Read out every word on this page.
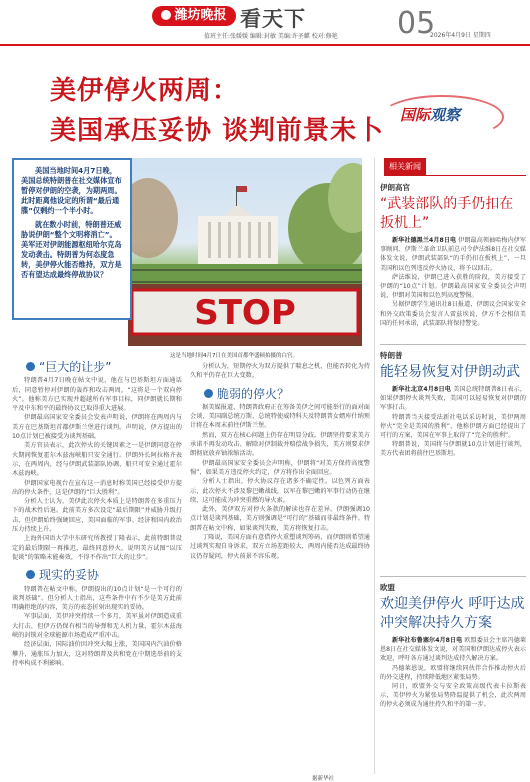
潍坊晚报 看天下	05
值班主任:张媛媛 编辑:封敏 美编:许圣麒 校对:修艳	2026年4月9日 星期四
美伊停火两周：
美国承压妥协 谈判前景未卜
国际观察
STOP
这是当地时间4月7日在美国首都华盛顿拍摄的白宫。

美国当地时间4月7日晚，美国总统特朗普在社交媒体宣布暂停对伊朗的空袭，为期两周。此时距离他设定的所谓“最后通牒”仅剩约一个半小时。

就在数小时前，特朗普还威胁说伊朗“整个文明将消亡”。美军还对伊朗能源枢纽哈尔克岛发动袭击。特朗普为何态度急转，美伊停火能否维持，双方是否有望达成最终停战协议？

“巨大的让步”

特朗普4月7日晚在帖文中说，他在与巴基斯坦方面通话后，同意暂停对伊朗的轰炸和攻击两周，“这将是一个双向停火”。他称美方已实现并超越所有军事目标，同伊朗就长期和平及中东和平的最终协议已取得重大进展。

伊朗最高国家安全委员会发表声明说，伊朗将在两周内与美方在巴基斯坦首都伊斯兰堡进行谈判。声明说，伊方提出的10点计划已被接受为谈判基础。

美方官员表示，此次停火的关键因素之一是伊朗同意在停火期间恢复霍尔木兹海峡船只安全通行。伊朗外长阿拉格齐表示，在两周内，经与伊朗武装部队协调，船只可安全通过霍尔木兹海峡。

伊朗国家电视台在宣布这一消息时称美国已经接受伊方提出的停火条件，这是伊朗的“巨大胜利”。

分析人士认为，美伊此次停火本质上是特朗普在多重压力下的战术性后退。此前美方多次设定“最后期限”并威胁升级打击，但伊朗始终强硬回应，美国面临的军事、经济和国内政治压力持续上升。

上海外国语大学中东研究所教授丁隆表示，此前特朗普设定的最后期限一再推迟，最终同意停火，说明美方试图“以压促谈”的策略未能奏效，不得不作出“巨大的让步”。

现实的妥协

特朗普在帖文中称，伊朗提出的10点计划“是一个可行的谈判基础”。但分析人士指出，这些条件中有不少是美方此前明确拒绝的内容，美方的表态折射出现实的妥协。

军事层面，美伊冲突持续一个多月，美军虽对伊朗造成重大打击，但伊方仍保有相当的导弹和无人机力量，霍尔木兹海峡的封锁对全球能源市场造成严重冲击。

经济层面，国际油价因冲突大幅上涨，美国国内汽油价格攀升，通胀压力加大，这对特朗普及共和党在中期选举前的支持率构成不利影响。

分析认为，短期停火为双方提供了喘息之机，但能否转化为持久和平仍存在巨大变数。

脆弱的停火？

据美媒报道，特朗普政府正在筹备美伊之间可能举行的面对面会谈，美国副总统万斯、总统特使威特科夫及特朗普女婿库什纳预计将在本周末前往伊斯兰堡。

然而，双方在核心问题上仍存在明显分歧。伊朗坚持要求美方承诺不再发动攻击、解除对伊制裁并赔偿战争损失，美方则要求伊朗彻底放弃铀浓缩活动。

伊朗最高国家安全委员会声明称，伊朗将“对美方保持高度警惕”，如果美方违反停火约定，伊方将作出全面回应。

分析人士指出，停火协议存在诸多不确定性。以色列方面表示，此次停火不涉及黎巴嫩战线，以军在黎巴嫩的军事行动仍在继续，这可能成为冲突重燃的导火索。

此外，美伊双方对停火条款的解读也存在差异。伊朗强调10点计划是谈判基础，美方则强调是“可行的”基础而非最终条件。特朗普在帖文中称，如果谈判失败，美方将恢复打击。

丁隆说，美国方面有意借停火重塑谈判筹码，而伊朗则希望通过谈判实现自身诉求，双方立场差距较大，两周内能否达成最终协议仍存疑问，停火前景不容乐观。

据新华社
相关新闻
伊朗高官
“武装部队的手仍扣在扳机上”

新华社德黑兰4月8日电 伊朗最高领袖哈梅内伊军事顾问、伊斯兰革命卫队前总司令萨法维8日在社交媒体发文说，伊朗武装部队“的手仍扣在扳机上”，一旦美国和以色列违反停火协议，将予以回击。

萨法维说，伊朗已进入获胜的阶段，美方接受了伊朗的“10点”计划。伊朗最高国家安全委员会声明说，伊朗对美国和以色列高度警惕。

另据伊朗学生通讯社8日报道，伊朗议会国家安全和外交政策委员会发言人雷兹埃说，伊方不会相信美国的任何承诺，武装部队将保持警觉。

特朗普
能轻易恢复对伊朗动武

新华社北京4月8日电 美国总统特朗普8日表示，如果伊朗停火谈判失败，美国可以轻易恢复对伊朗的军事打击。

特朗普当天接受法新社电话采访时说，美伊两周停火“完全是美国的胜利”，他称伊朗方面已经提出了可行的方案，美国在军事上取得了“完全的胜利”。

特朗普说，美国将与伊朗就10点计划进行谈判，美方代表团将前往巴基斯坦。

欧盟
欢迎美伊停火 呼吁达成冲突解决持久方案

新华社布鲁塞尔4月8日电 欧盟委员会主席冯德莱恩8日在社交媒体发文说，对美国和伊朗达成停火表示欢迎，呼吁各方通过谈判达成持久解决方案。

冯德莱恩说，欧盟将继续同伙伴合作推动停火后的外交进程，持续降低地区紧张局势。

同日，欧盟外交与安全政策高级代表卡拉斯表示，美伊停火为紧张局势降温提供了机会，此次两周的停火必须成为通往持久和平的第一步。
